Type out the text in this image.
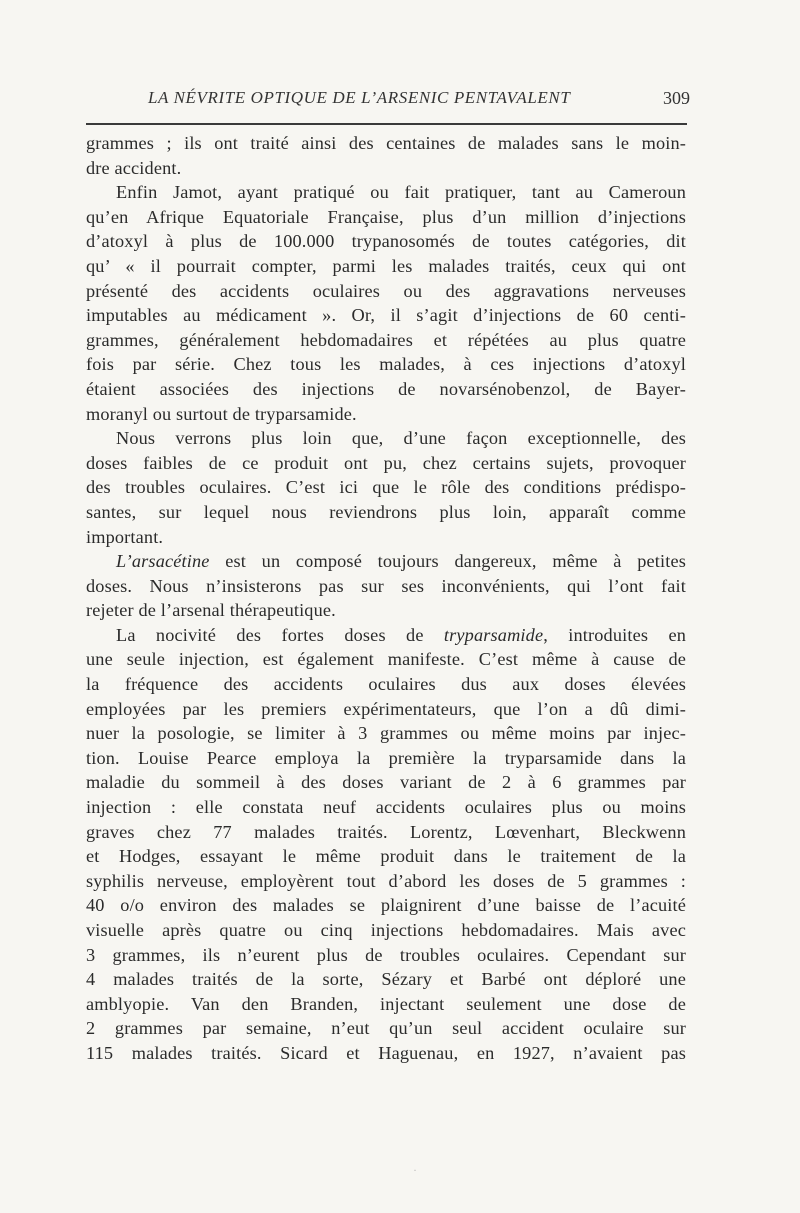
LA NÉVRITE OPTIQUE DE L’ARSENIC PENTAVALENT	309
grammes ; ils ont traité ainsi des centaines de malades sans le moin-
dre accident.
Enfin Jamot, ayant pratiqué ou fait pratiquer, tant au Cameroun
qu’en Afrique Equatoriale Française, plus d’un million d’injections
d’atoxyl à plus de 100.000 trypanosomés de toutes catégories, dit
qu’ « il pourrait compter, parmi les malades traités, ceux qui ont
présenté des accidents oculaires ou des aggravations nerveuses
imputables au médicament ». Or, il s’agit d’injections de 60 centi-
grammes, généralement hebdomadaires et répétées au plus quatre
fois par série. Chez tous les malades, à ces injections d’atoxyl
étaient associées des injections de novarsénobenzol, de Bayer-
moranyl ou surtout de tryparsamide.
Nous verrons plus loin que, d’une façon exceptionnelle, des
doses faibles de ce produit ont pu, chez certains sujets, provoquer
des troubles oculaires. C’est ici que le rôle des conditions prédispo-
santes, sur lequel nous reviendrons plus loin, apparaît comme
important.
L’arsacétine est un composé toujours dangereux, même à petites
doses. Nous n’insisterons pas sur ses inconvénients, qui l’ont fait
rejeter de l’arsenal thérapeutique.
La nocivité des fortes doses de tryparsamide, introduites en
une seule injection, est également manifeste. C’est même à cause de
la fréquence des accidents oculaires dus aux doses élevées
employées par les premiers expérimentateurs, que l’on a dû dimi-
nuer la posologie, se limiter à 3 grammes ou même moins par injec-
tion. Louise Pearce employa la première la tryparsamide dans la
maladie du sommeil à des doses variant de 2 à 6 grammes par
injection : elle constata neuf accidents oculaires plus ou moins
graves chez 77 malades traités. Lorentz, Lœvenhart, Bleckwenn
et Hodges, essayant le même produit dans le traitement de la
syphilis nerveuse, employèrent tout d’abord les doses de 5 grammes :
40 o/o environ des malades se plaignirent d’une baisse de l’acuité
visuelle après quatre ou cinq injections hebdomadaires. Mais avec
3 grammes, ils n’eurent plus de troubles oculaires. Cependant sur
4 malades traités de la sorte, Sézary et Barbé ont déploré une
amblyopie. Van den Branden, injectant seulement une dose de
2 grammes par semaine, n’eut qu’un seul accident oculaire sur
115 malades traités. Sicard et Haguenau, en 1927, n’avaient pas
·
